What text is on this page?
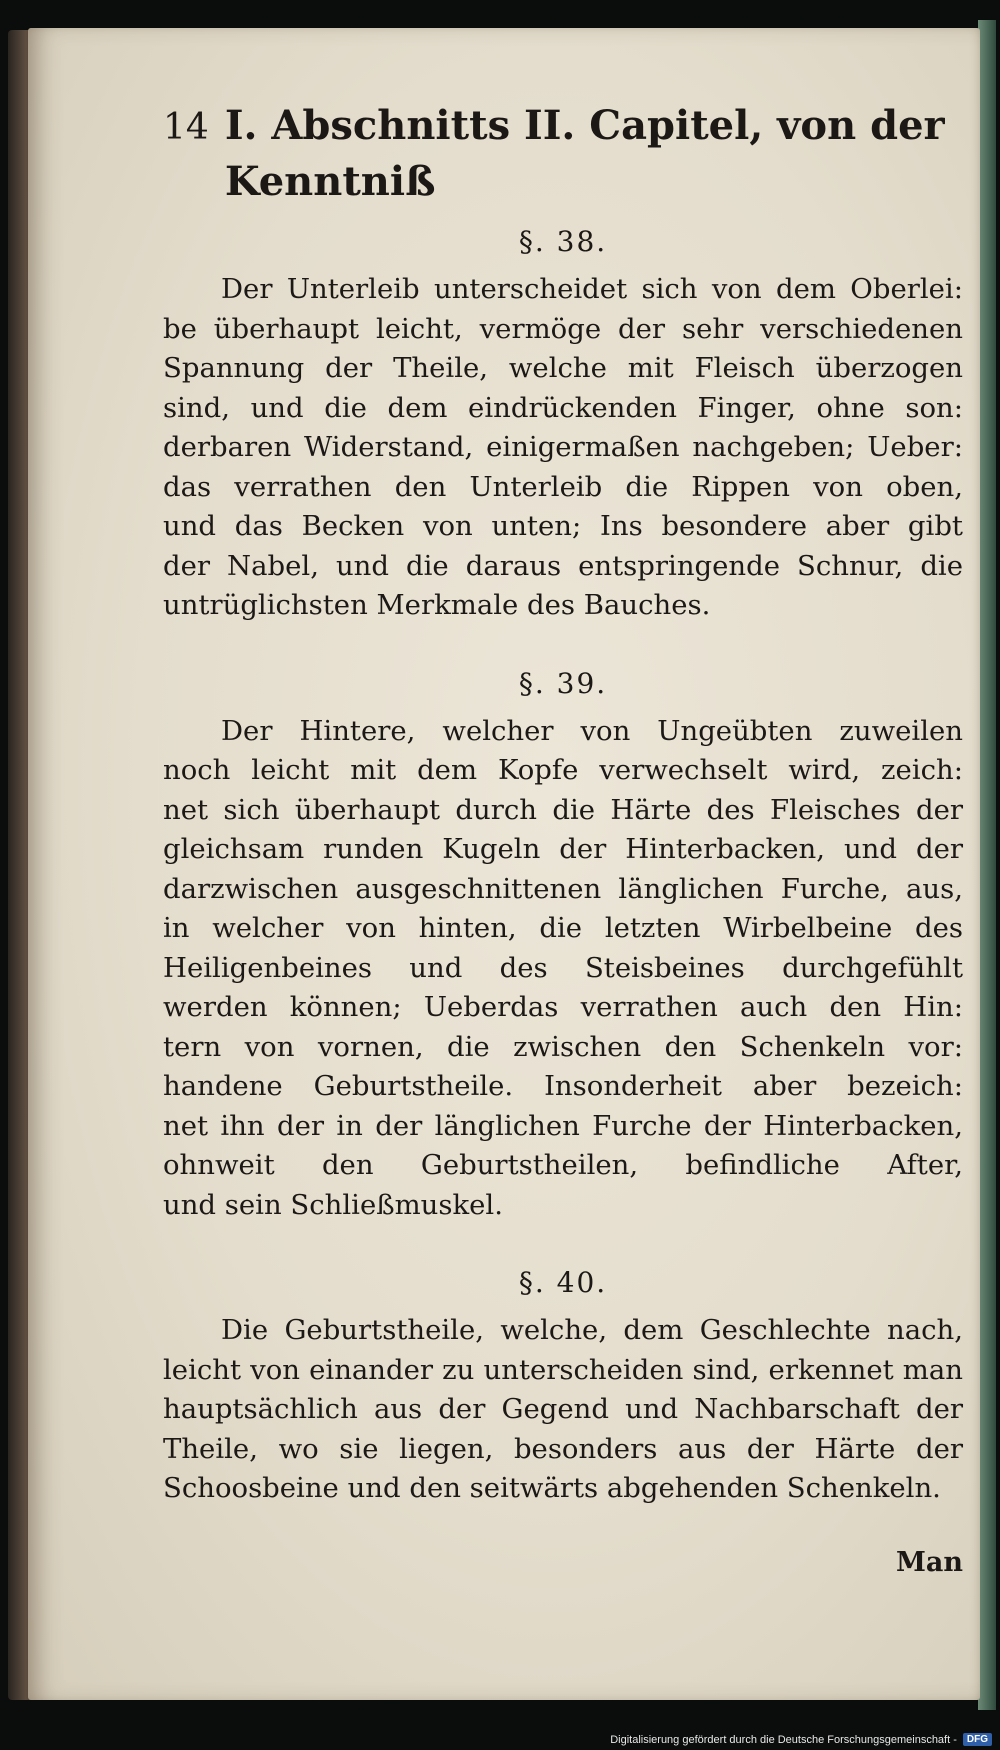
14 I. Abschnitts II. Capitel, von der Kenntniß
§. 38.
Der Unterleib unterscheidet sich von dem Oberlei:
be überhaupt leicht, vermöge der sehr verschiedenen
Spannung der Theile, welche mit Fleisch überzogen
sind, und die dem eindrückenden Finger, ohne son:
derbaren Widerstand, einigermaßen nachgeben; Ueber:
das verrathen den Unterleib die Rippen von oben,
und das Becken von unten; Ins besondere aber gibt
der Nabel, und die daraus entspringende Schnur, die
untrüglichsten Merkmale des Bauches.
§. 39.
Der Hintere, welcher von Ungeübten zuweilen
noch leicht mit dem Kopfe verwechselt wird, zeich:
net sich überhaupt durch die Härte des Fleisches der
gleichsam runden Kugeln der Hinterbacken, und der
darzwischen ausgeschnittenen länglichen Furche, aus,
in welcher von hinten, die letzten Wirbelbeine des
Heiligenbeines und des Steisbeines durchgefühlt
werden können; Ueberdas verrathen auch den Hin:
tern von vornen, die zwischen den Schenkeln vor:
handene Geburtstheile. Insonderheit aber bezeich:
net ihn der in der länglichen Furche der Hinterbacken,
ohnweit den Geburtstheilen, befindliche After,
und sein Schließmuskel.
§. 40.
Die Geburtstheile, welche, dem Geschlechte nach,
leicht von einander zu unterscheiden sind, erkennet man
hauptsächlich aus der Gegend und Nachbarschaft der
Theile, wo sie liegen, besonders aus der Härte der
Schoosbeine und den seitwärts abgehenden Schenkeln.
Man
Digitalisierung gefördert durch die Deutsche Forschungsgemeinschaft -	DFG
